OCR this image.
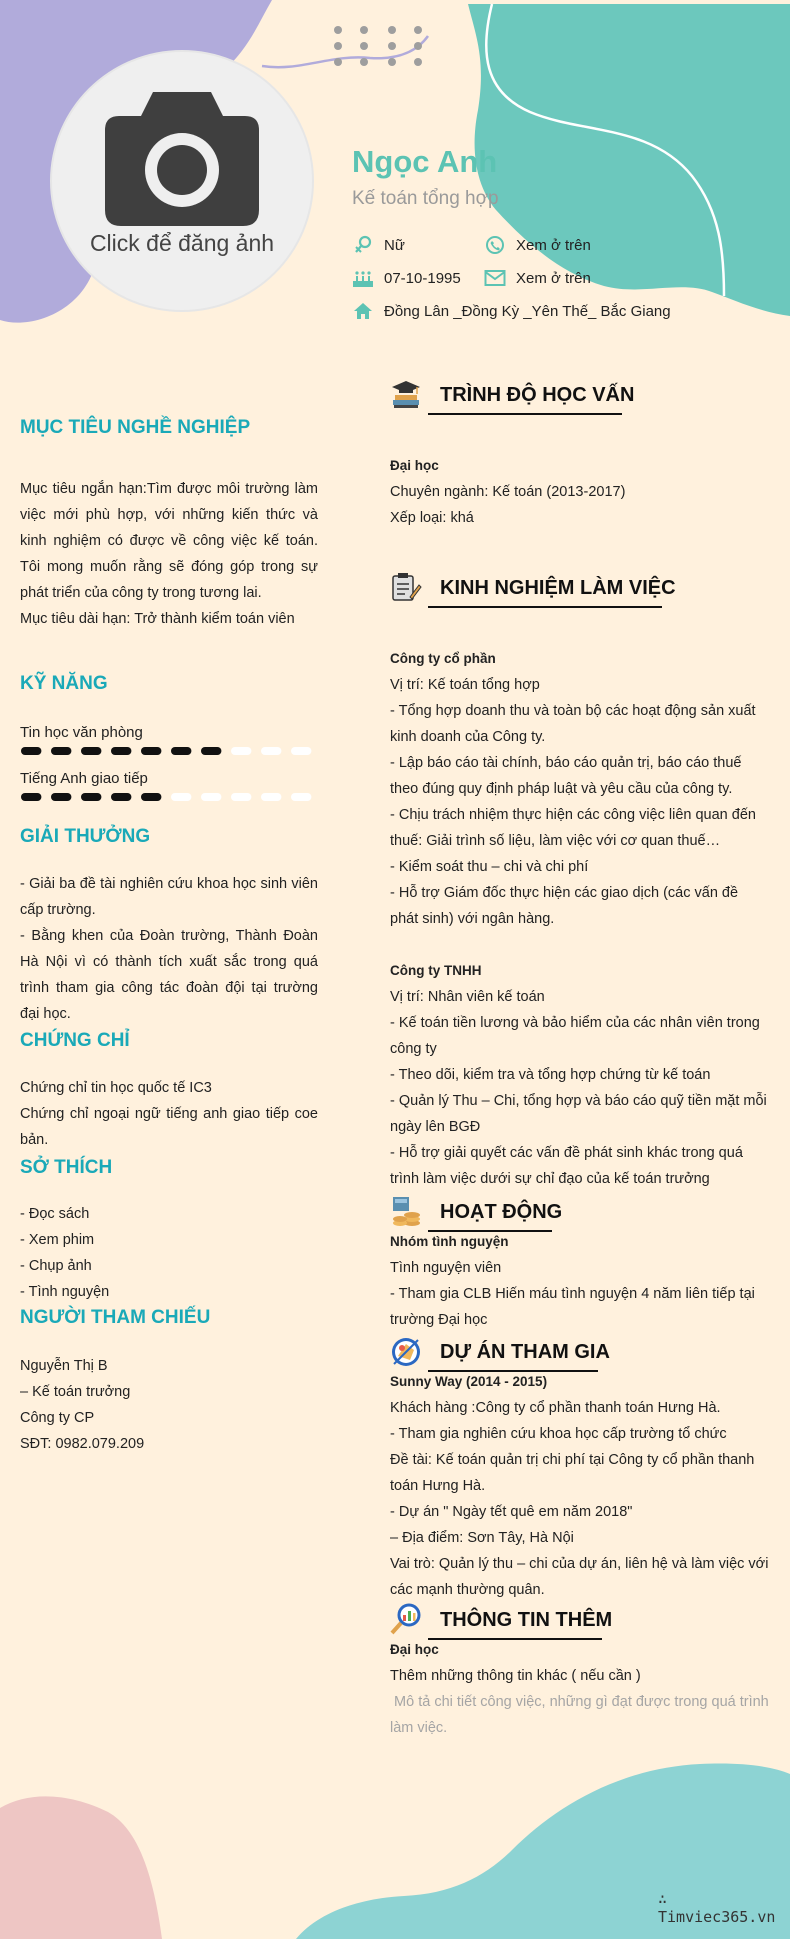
Click để đăng ảnh
Ngọc Anh
Kế toán tổng hợp
Nữ	Xem ở trên
07-10-1995	Xem ở trên
Đồng Lân _Đồng Kỳ _Yên Thế_ Bắc Giang
MỤC TIÊU NGHỀ NGHIỆP

Mục tiêu ngắn hạn:Tìm được môi trường làm việc mới phù hợp, với những kiến thức và kinh nghiệm có được về công việc kế toán. Tôi mong muốn rằng sẽ đóng góp trong sự phát triển của công ty trong tương lai.

Mục tiêu dài hạn: Trở thành kiểm toán viên

KỸ NĂNG
Tin học văn phòng
Tiếng Anh giao tiếp
GIẢI THƯỞNG

- Giải ba đề tài nghiên cứu khoa học sinh viên cấp trường.

- Bằng khen của Đoàn trường, Thành Đoàn Hà Nội vì có thành tích xuất sắc trong quá trình tham gia công tác đoàn đội tại trường đại học.

CHỨNG CHỈ

Chứng chỉ tin học quốc tế IC3

Chứng chỉ ngoại ngữ tiếng anh giao tiếp coe bản.

SỞ THÍCH

- Đọc sách

- Xem phim

- Chụp ảnh

- Tình nguyện

NGƯỜI THAM CHIẾU

Nguyễn Thị B

– Kế toán trưởng

Công ty CP

SĐT: 0982.079.209

TRÌNH ĐỘ HỌC VẤN

Đại học

Chuyên ngành: Kế toán (2013-2017)

Xếp loại: khá

KINH NGHIỆM LÀM VIỆC

Công ty cổ phần

Vị trí: Kế toán tổng hợp

- Tổng hợp doanh thu và toàn bộ các hoạt động sản xuất kinh doanh của Công ty.

- Lập báo cáo tài chính, báo cáo quản trị, báo cáo thuế theo đúng quy định pháp luật và yêu cầu của công ty.

- Chịu trách nhiệm thực hiện các công việc liên quan đến thuế: Giải trình số liệu, làm việc với cơ quan thuế…

- Kiểm soát thu – chi và chi phí

- Hỗ trợ Giám đốc thực hiện các giao dịch (các vấn đề phát sinh) với ngân hàng.

Công ty TNHH

Vị trí: Nhân viên kế toán

- Kế toán tiền lương và bảo hiểm của các nhân viên trong công ty

- Theo dõi, kiểm tra và tổng hợp chứng từ kế toán

- Quản lý Thu – Chi, tổng hợp và báo cáo quỹ tiền mặt mỗi ngày lên BGĐ

- Hỗ trợ giải quyết các vấn đề phát sinh khác trong quá trình làm việc dưới sự chỉ đạo của kế toán trưởng

HOẠT ĐỘNG

Nhóm tình nguyện

Tình nguyện viên

- Tham gia CLB Hiến máu tình nguyện 4 năm liên tiếp tại trường Đại học

DỰ ÁN THAM GIA

Sunny Way (2014 - 2015)

Khách hàng :Công ty cổ phần thanh toán Hưng Hà.

- Tham gia nghiên cứu khoa học cấp trường tổ chức

Đề tài: Kế toán quản trị chi phí tại Công ty cổ phần thanh toán Hưng Hà.

- Dự án " Ngày tết quê em năm 2018"

– Địa điểm: Sơn Tây, Hà Nội

Vai trò: Quản lý thu – chi của dự án, liên hệ và làm việc với các mạnh thường quân.

THÔNG TIN THÊM

Đại học

Thêm những thông tin khác ( nếu cần )

Mô tả chi tiết công việc, những gì đạt được trong quá trình làm việc.

∴ Timviec365.vn
